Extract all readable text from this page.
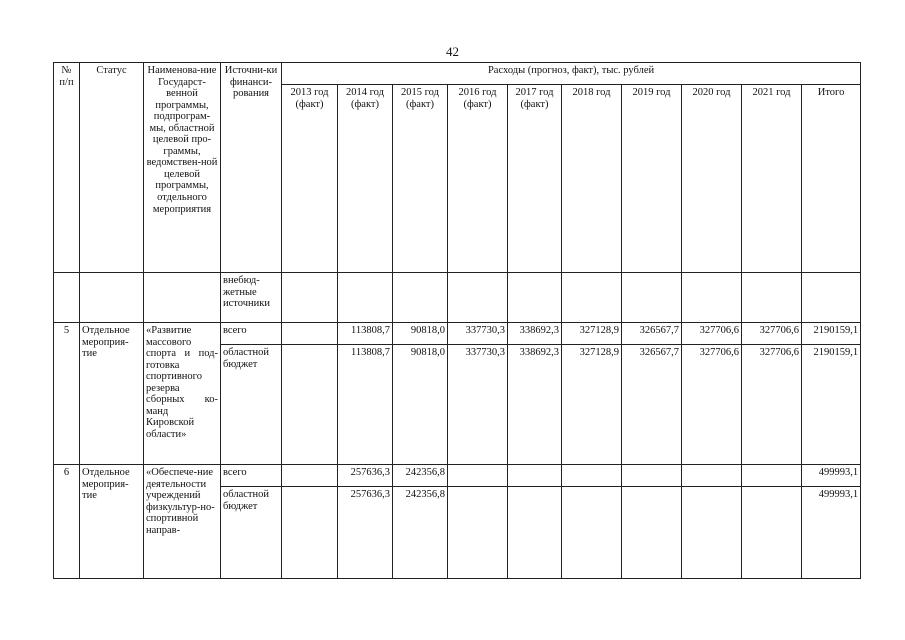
42
№ п/п	Статус	Наименова-ние Государст-венной программы, подпрограм-мы, областной целевой про-граммы, ведомствен-ной целевой программы, отдельного мероприятия	Источни-ки финанси-рования	Расходы (прогноз, факт), тыс. рублей									
				2013 год (факт)	2014 год (факт)	2015 год (факт)	2016 год (факт)	2017 год (факт)	2018 год	2019 год	2020 год	2021 год	Итого
			внебюд-жетные источники										
5	Отдельное мероприя-тие	«Развитие массового спорта и под-готовка спортивного резерва сборных ко-манд Кировской области»	всего		113808,7	90818,0	337730,3	338692,3	327128,9	326567,7	327706,6	327706,6	2190159,1
			областной бюджет		113808,7	90818,0	337730,3	338692,3	327128,9	326567,7	327706,6	327706,6	2190159,1
6	Отдельное мероприя-тие	«Обеспече-ние деятельности учреждений физкультур-но-спортивной направ-	всего		257636,3	242356,8							499993,1
			областной бюджет		257636,3	242356,8							499993,1
